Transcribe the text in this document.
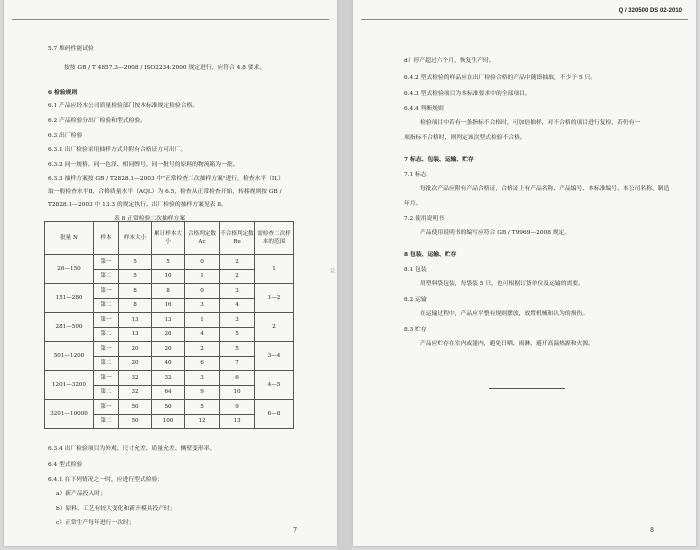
5.7 堆码性能试验
按按 GB / T 4857.3—2008 / ISO2234:2000 规定进行，应符合 4.8 要求。
6 检验规则
6.1 产品应经本公司质量检验部门按本标准规定检验合格。
6.2 产品检验分出厂检验和型式检验。
6.3 出厂检验
6.3.1 出厂检验采用抽样方式并附有合格证方可出厂。
6.3.2 同一规格、同一色泽、相同牌号、同一批号的原料的物流箱为一批。
6.3.3 抽样方案按 GB / T2828.1—2003 中"正常检查二次抽样方案"进行，检查水平（IL）
取一般检查水平Ⅱ，合格质量水平（AQL）为 6.5，检查从正常检查开始，转移规则按 GB /
T2828.1—2003 中 13.3 的规定执行。出厂检验的抽样方案见表 8。
6.3.4 出厂检验项目为外观、尺寸允差、质量允差、侧壁变形率。
6.4 型式检验
6.4.1 在下列情况之一时，应进行型式检验：
a）新产品投入时；
b）原料、工艺有较大变化和新开模具投产时；
c）正常生产每年进行一次时；
表 8 正常检验二次抽样方案
批量 N	样本	样本大小	累计样本大小	合格判定数 Ac	不合格判定数 Re	需检查二次样本的范围
26—150	第一	5	5	0	2	1
	第二	5	10	1	2	
151—280	第一	8	8	0	3	1—2
	第二	8	16	3	4	
281—500	第一	13	13	1	3	2
	第二	13	26	4	5	
501—1200	第一	20	20	2	5	3—4
	第二	20	40	6	7	
1201—3200	第一	32	32	3	6	4—5
	第二	32	64	9	10	
3201—10000	第一	50	50	5	9	6—8
	第二	50	100	12	13	
装
7
Q / 320500 DS 02-2010
d）停产超过六个月，恢复生产时。
6.4.2 型式检验的样品应在出厂检验合格的产品中随即抽取，不少于 5 只。
6.4.3 型式检验项目为本标准要求中的全部项目。
6.4.4 判断规则
检验项目中若有一条指标不合格时，可加倍抽样，对不合格的项目进行复检，若仍有一
项指标不合格时，则判定该次型式检验不合格。
7 标志、包装、运输、贮存
7.1 标志
每批次产品应附有产品合格证，合格证上有产品名称、产品编号、本标准编号、本公司名称、制造
年月。
7.2 使用说明书
产品使用说明书的编写应符合 GB / T9969—2008 规定。
8 包装、运输、贮存
8.1 包装
用塑料袋包装，每袋装 5 只，也可根据订货单位及运输的需要。
8.2 运输
在运输过程中，产品应平整有规则摆放，放置机械和认为的损伤。
8.3 贮存
产品应贮存在室内或篷内，避免日晒、雨淋、避开高温热源和火源。
8
